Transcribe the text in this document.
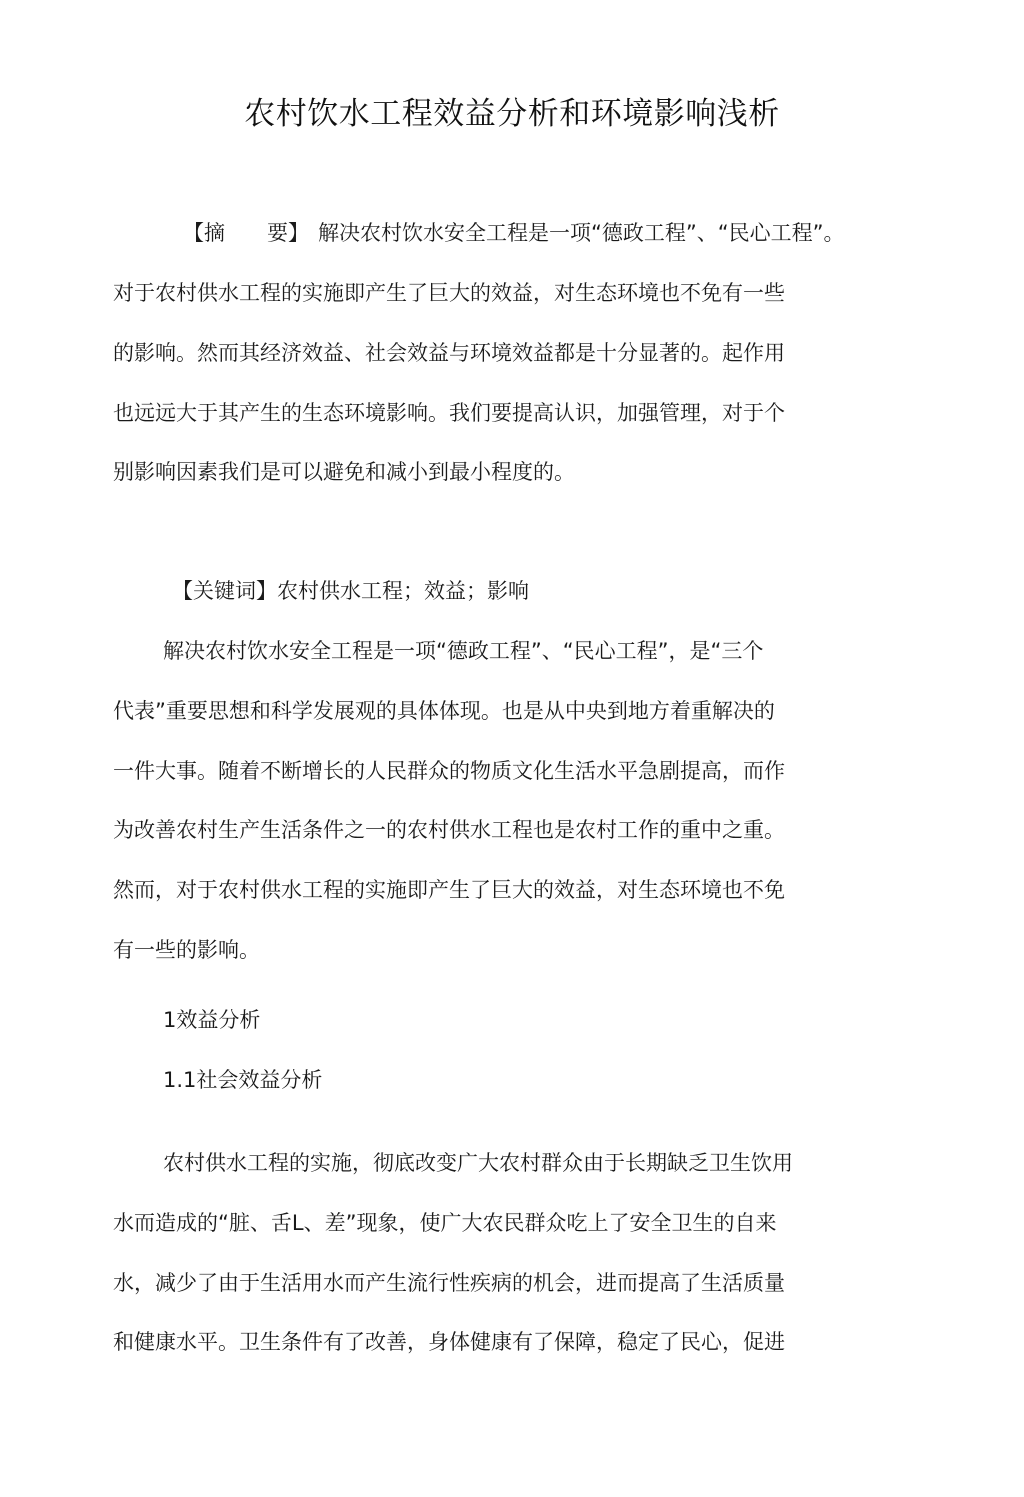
农村饮水工程效益分析和环境影响浅析
【摘　　要】 解决农村饮水安全工程是一项“德政工程”、“民心工程”。
对于农村供水工程的实施即产生了巨大的效益，对生态环境也不免有一些
的影响。然而其经济效益、社会效益与环境效益都是十分显著的。起作用
也远远大于其产生的生态环境影响。我们要提高认识，加强管理，对于个
别影响因素我们是可以避免和减小到最小程度的。
【关键词】农村供水工程；效益；影响
解决农村饮水安全工程是一项“德政工程”、“民心工程”，是“三个
代表”重要思想和科学发展观的具体体现。也是从中央到地方着重解决的
一件大事。随着不断增长的人民群众的物质文化生活水平急剧提高，而作
为改善农村生产生活条件之一的农村供水工程也是农村工作的重中之重。
然而，对于农村供水工程的实施即产生了巨大的效益，对生态环境也不免
有一些的影响。
1效益分析
1.1社会效益分析
农村供水工程的实施，彻底改变广大农村群众由于长期缺乏卫生饮用
水而造成的“脏、舌L、差”现象，使广大农民群众吃上了安全卫生的自来
水，减少了由于生活用水而产生流行性疾病的机会，进而提高了生活质量
和健康水平。卫生条件有了改善，身体健康有了保障，稳定了民心，促进
